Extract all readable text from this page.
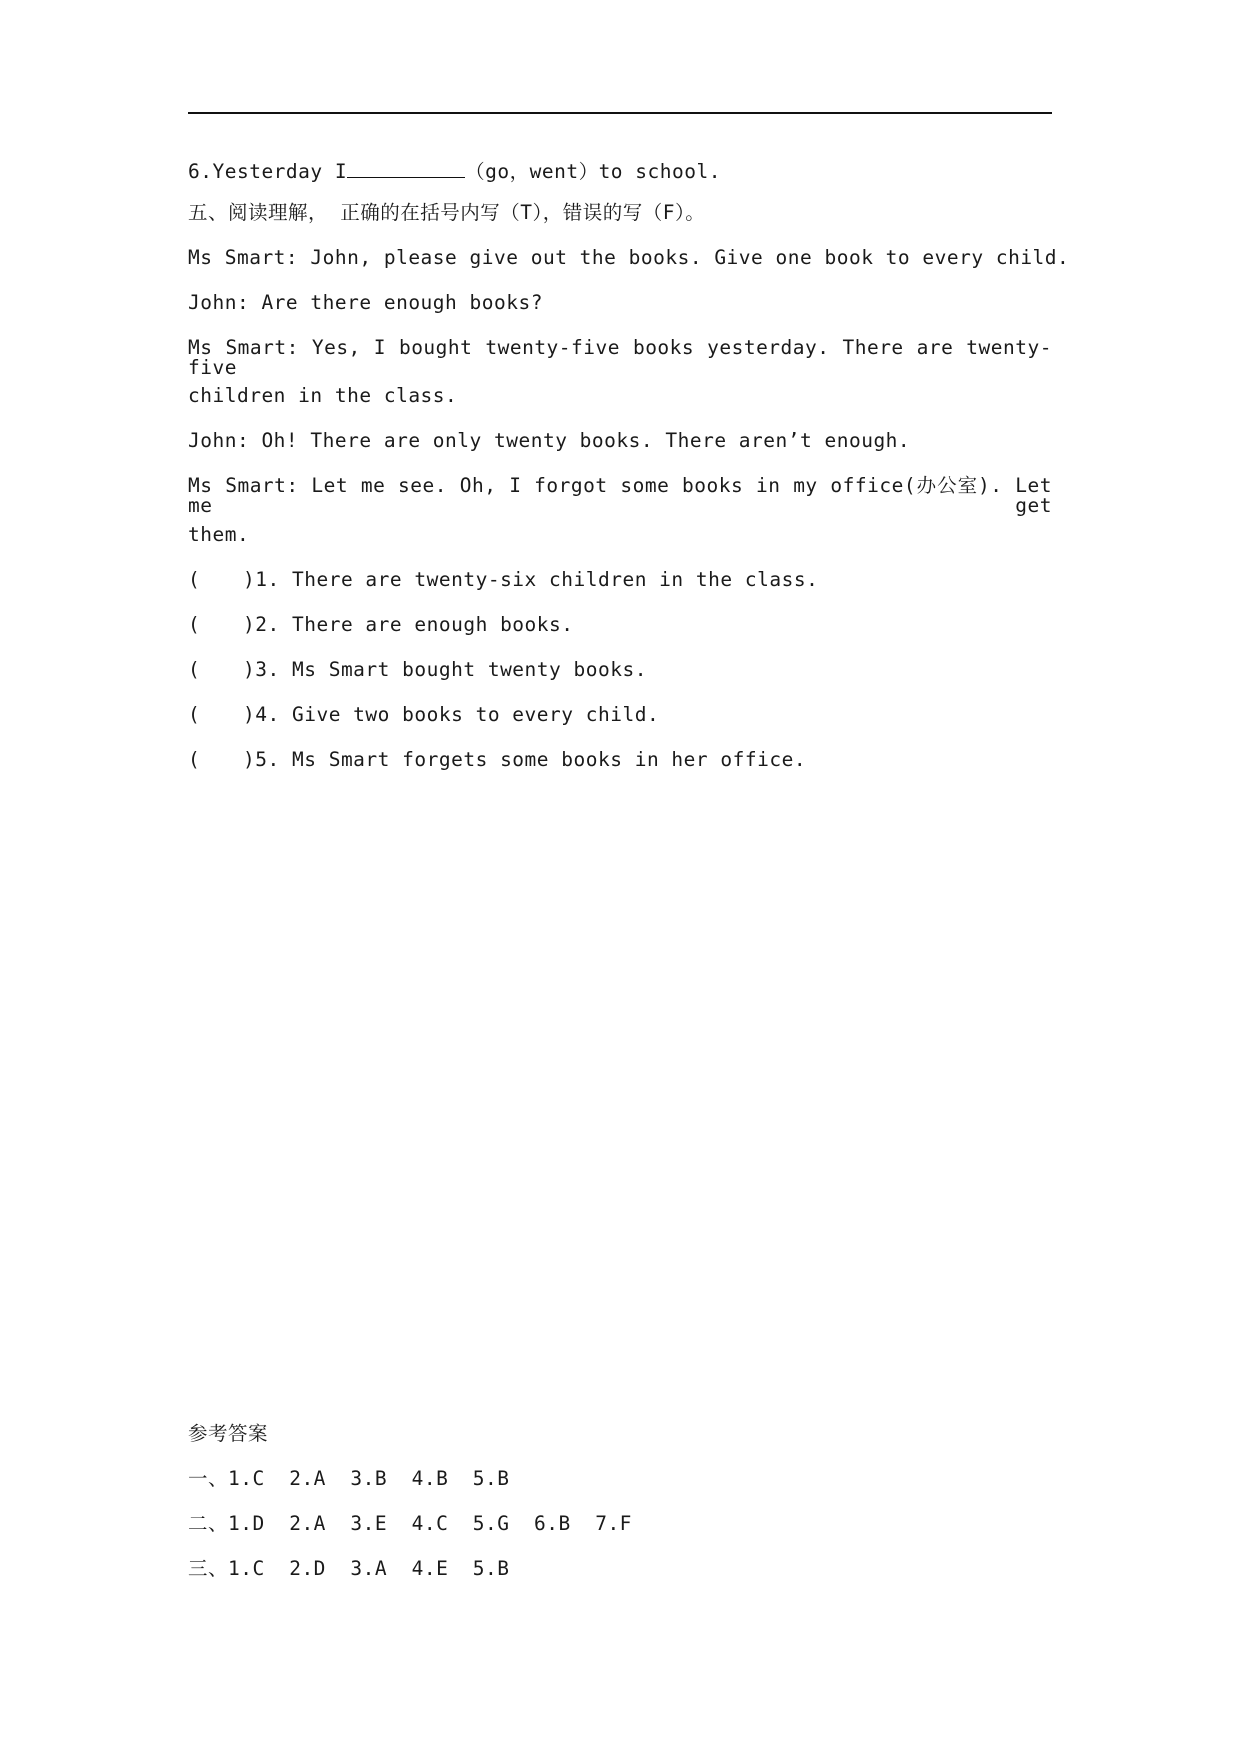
6.Yesterday I	（go，went）to school.
五、阅读理解， 正确的在括号内写（T），错误的写（F）。
Ms Smart: John, please give out the books. Give one book to every child.
John: Are there enough books?
Ms Smart: Yes, I bought twenty-five books yesterday. There are twenty-five
children in the class.
John: Oh! There are only twenty books. There aren’t enough.
Ms Smart: Let me see. Oh, I forgot some books in my office(办公室). Let me get
them.
( )1. There are twenty-six children in the class.
( )2. There are enough books.
( )3. Ms Smart bought twenty books.
( )4. Give two books to every child.
( )5. Ms Smart forgets some books in her office.
参考答案
一、1.C  2.A  3.B  4.B  5.B
二、1.D  2.A  3.E  4.C  5.G  6.B  7.F
三、1.C  2.D  3.A  4.E  5.B
